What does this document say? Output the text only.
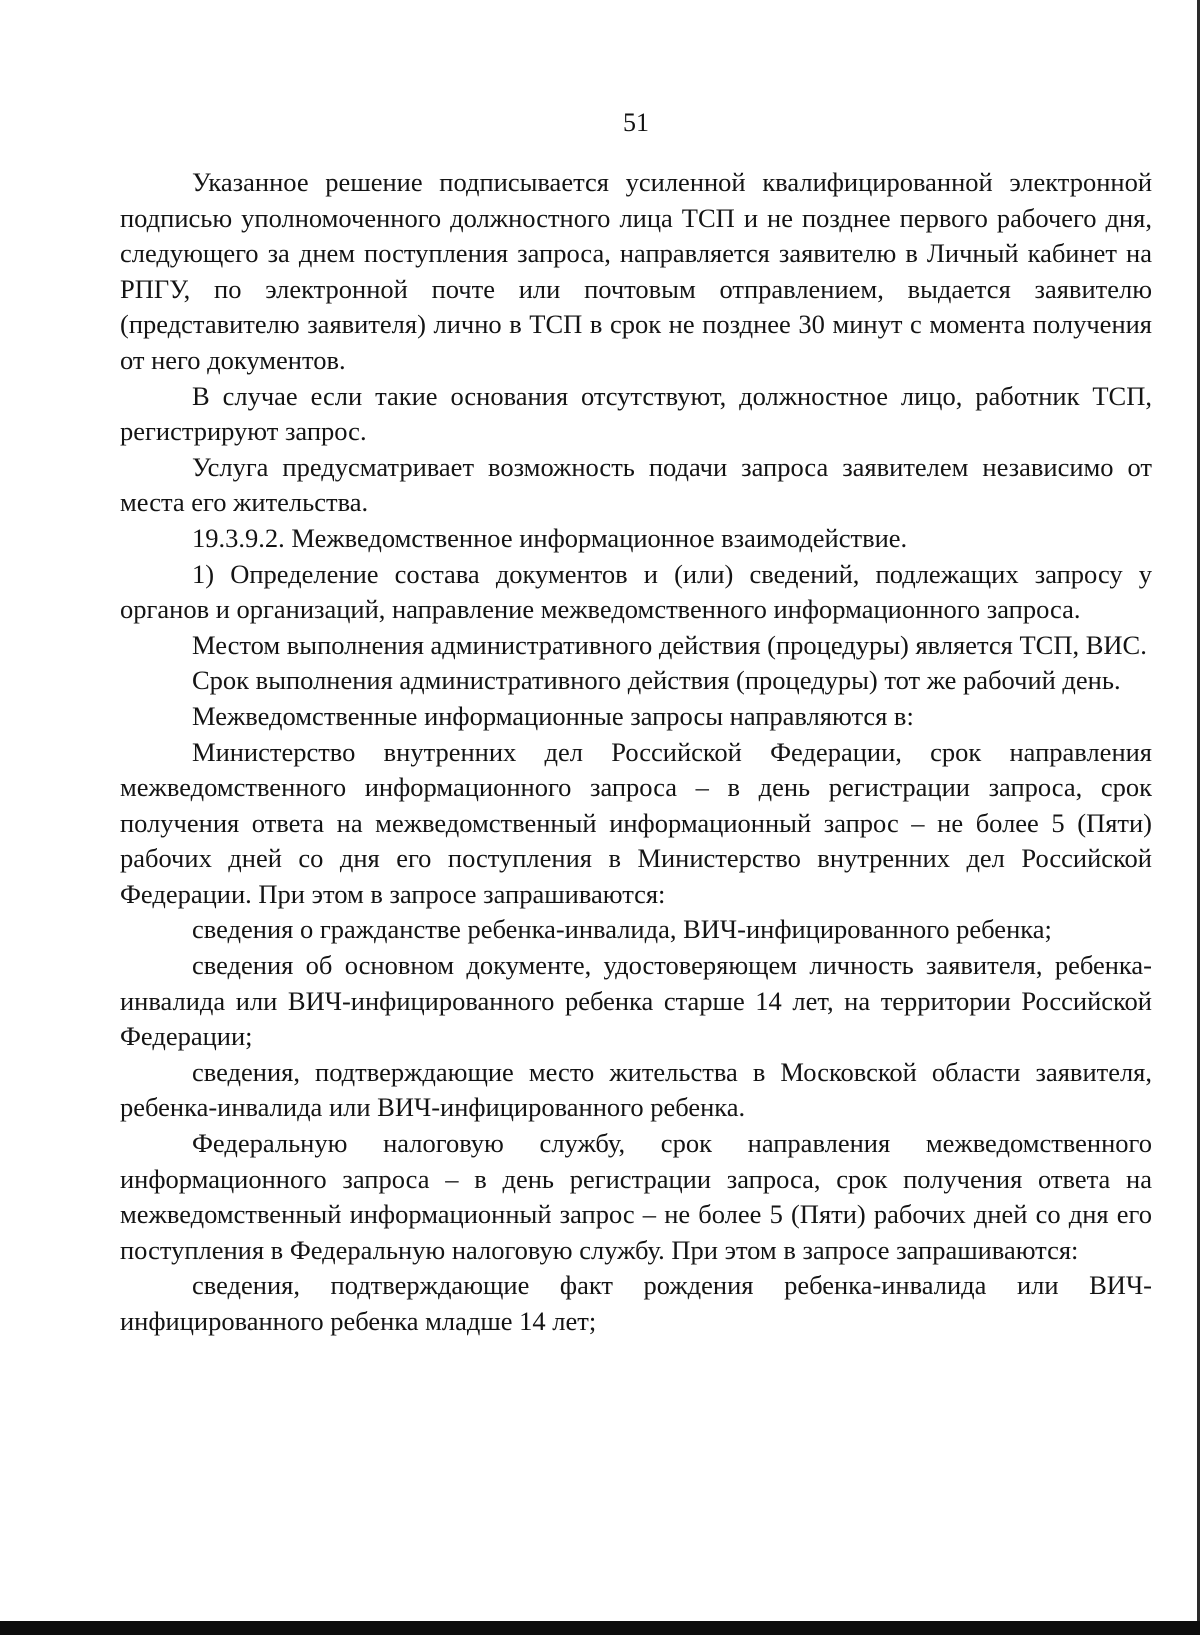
51

Указанное решение подписывается усиленной квалифицированной электронной подписью уполномоченного должностного лица ТСП и не позднее первого рабочего дня, следующего за днем поступления запроса, направляется заявителю в Личный кабинет на РПГУ, по электронной почте или почтовым отправлением, выдается заявителю (представителю заявителя) лично в ТСП в срок не позднее 30 минут с момента получения от него документов.

В случае если такие основания отсутствуют, должностное лицо, работник ТСП, регистрируют запрос.

Услуга предусматривает возможность подачи запроса заявителем независимо от места его жительства.

19.3.9.2. Межведомственное информационное взаимодействие.

1) Определение состава документов и (или) сведений, подлежащих запросу у органов и организаций, направление межведомственного информационного запроса.

Местом выполнения административного действия (процедуры) является ТСП, ВИС.

Срок выполнения административного действия (процедуры) тот же рабочий день.

Межведомственные информационные запросы направляются в:

Министерство внутренних дел Российской Федерации, срок направления межведомственного информационного запроса – в день регистрации запроса, срок получения ответа на межведомственный информационный запрос – не более 5 (Пяти) рабочих дней со дня его поступления в Министерство внутренних дел Российской Федерации. При этом в запросе запрашиваются:

сведения о гражданстве ребенка-инвалида, ВИЧ-инфицированного ребенка;

сведения об основном документе, удостоверяющем личность заявителя, ребенка-инвалида или ВИЧ-инфицированного ребенка старше 14 лет, на территории Российской Федерации;

сведения, подтверждающие место жительства в Московской области заявителя, ребенка-инвалида или ВИЧ-инфицированного ребенка.

Федеральную налоговую службу, срок направления межведомственного информационного запроса – в день регистрации запроса, срок получения ответа на межведомственный информационный запрос – не более 5 (Пяти) рабочих дней со дня его поступления в Федеральную налоговую службу. При этом в запросе запрашиваются:

сведения, подтверждающие факт рождения ребенка-инвалида или ВИЧ-инфицированного ребенка младше 14 лет;
